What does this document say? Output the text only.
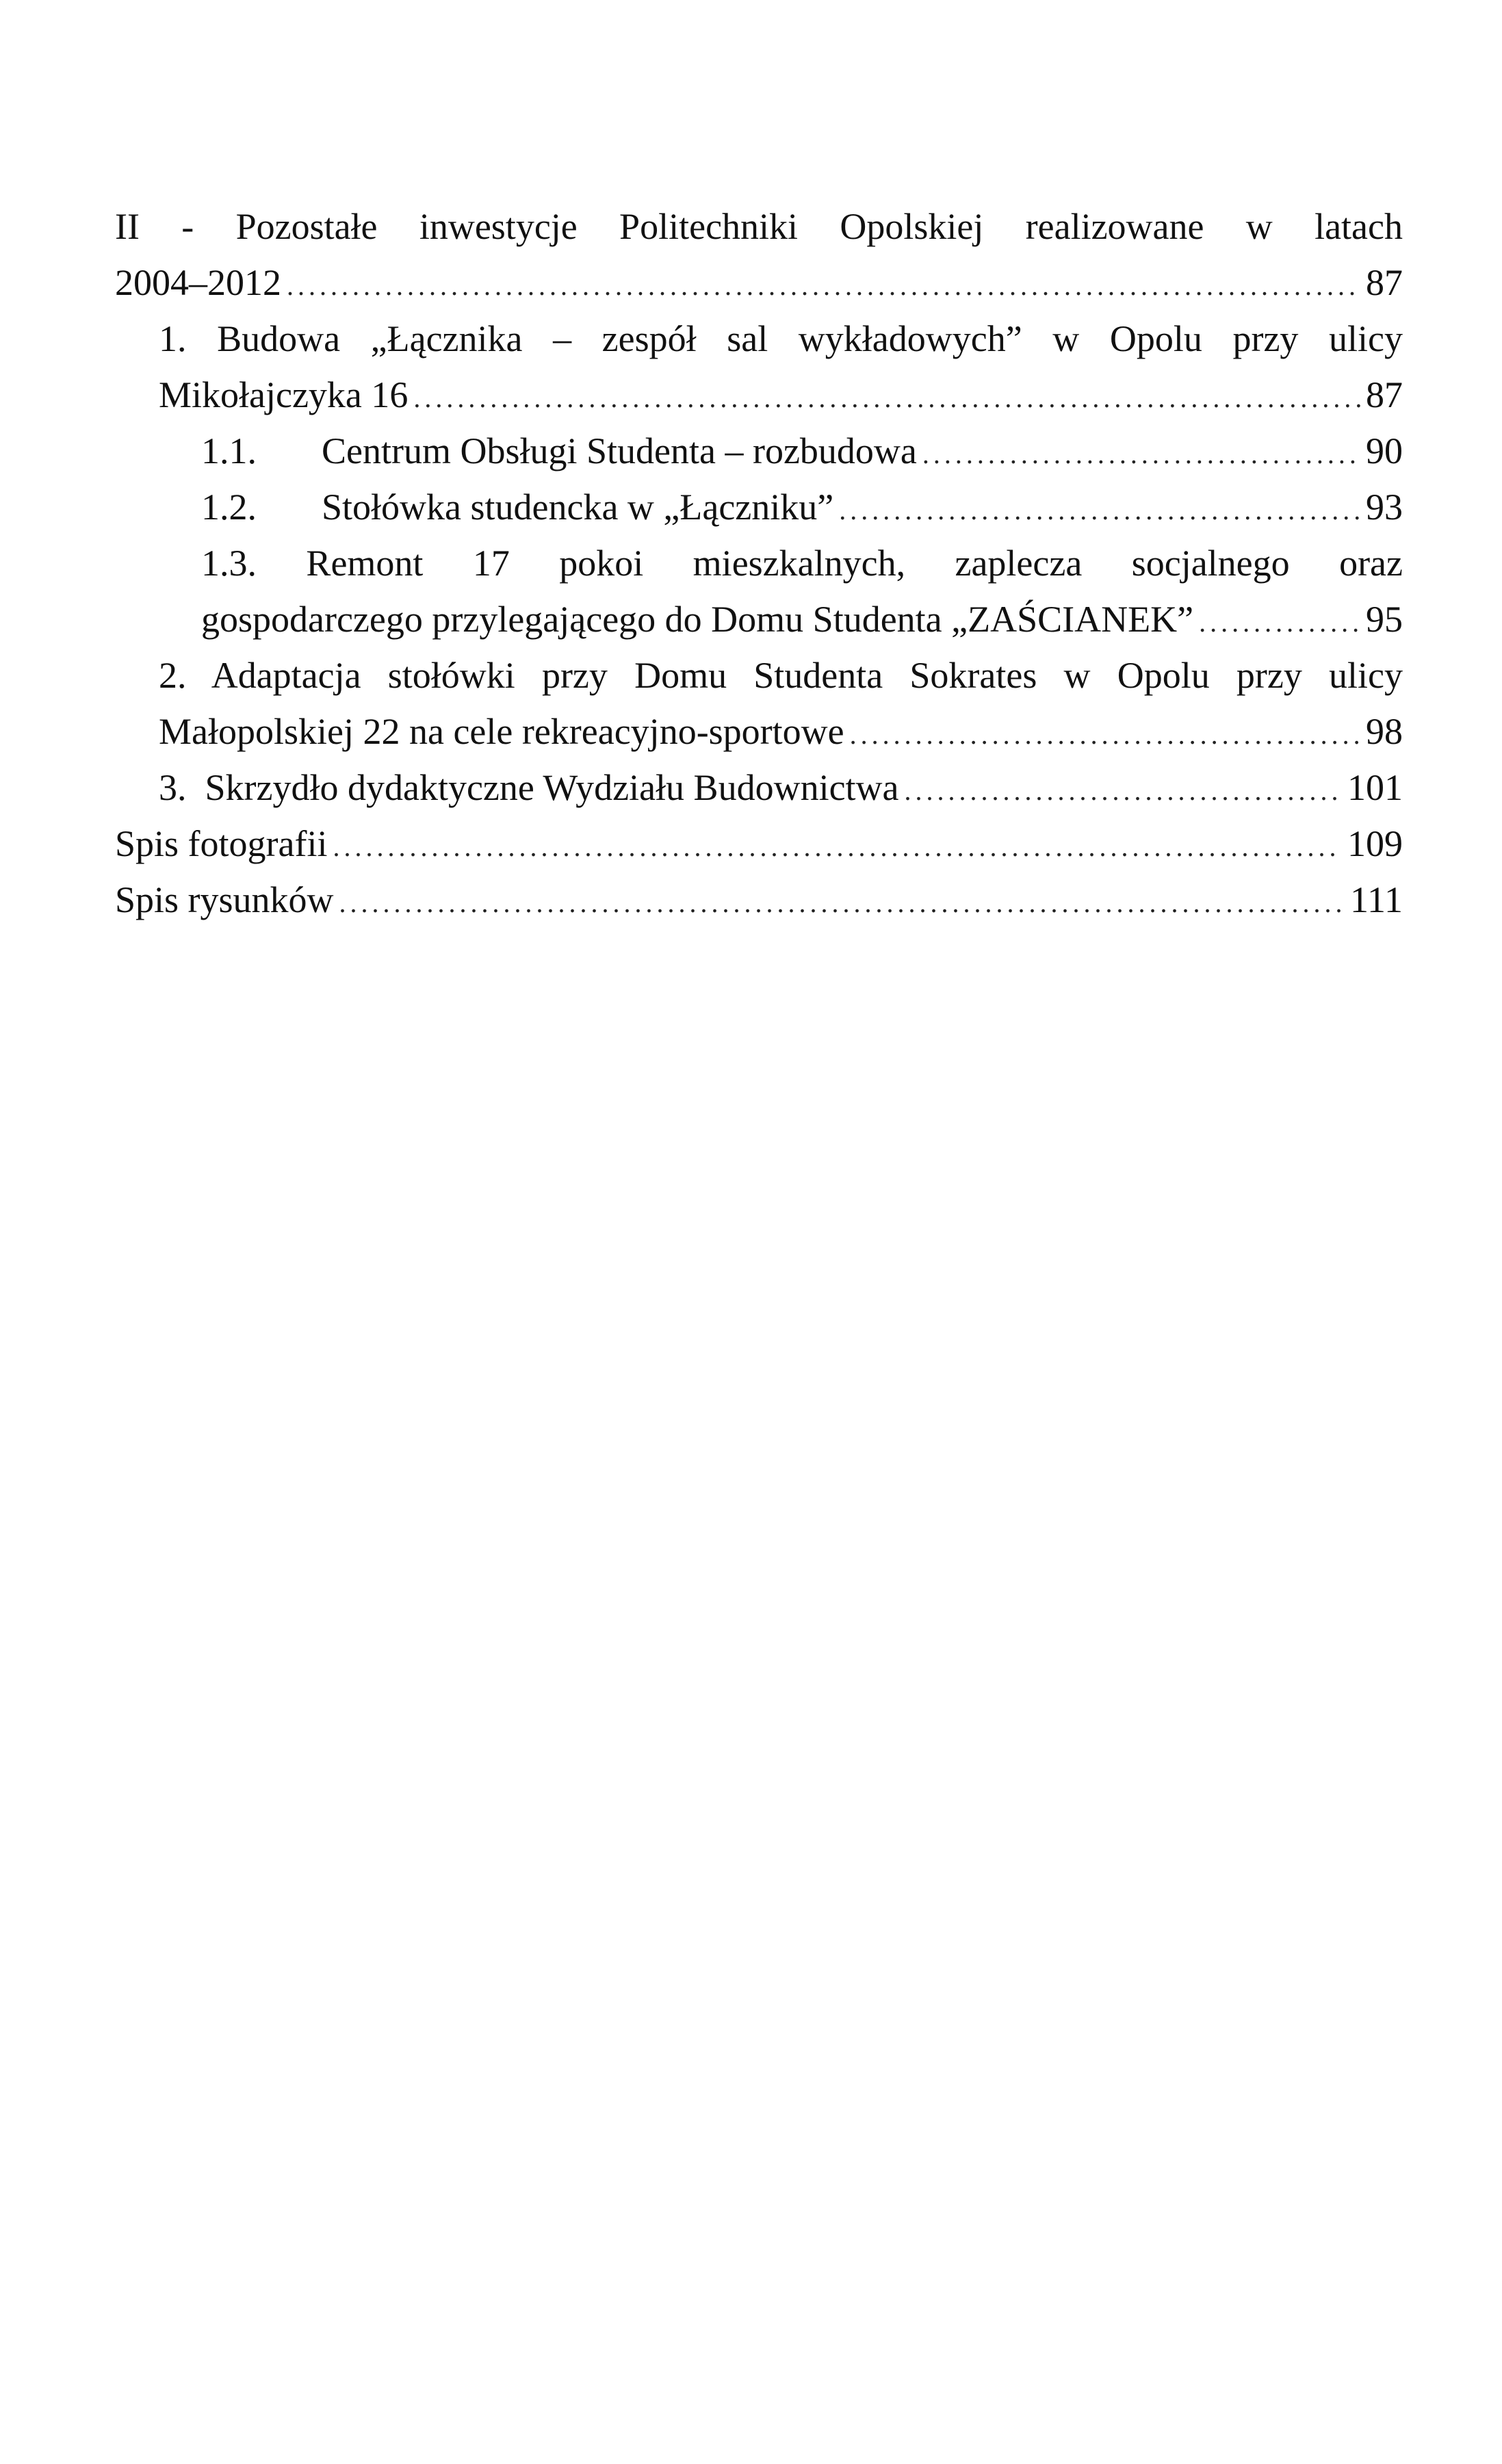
II - Pozostałe inwestycje Politechniki Opolskiej realizowane w latach
2004–2012 .....	87
1. Budowa „Łącznika – zespół sal wykładowych” w Opolu przy ulicy
Mikołajczyka 16 .....	87
1.1.	Centrum Obsługi Studenta – rozbudowa .....	90
1.2.	Stołówka studencka w „Łączniku” .....	93
1.3. Remont 17 pokoi mieszkalnych, zaplecza socjalnego oraz
gospodarczego przylegającego do Domu Studenta „ZAŚCIANEK” .....	95
2. Adaptacja stołówki przy Domu Studenta Sokrates w Opolu przy ulicy
Małopolskiej 22 na cele rekreacyjno-sportowe .....	98
3.  Skrzydło dydaktyczne Wydziału Budownictwa .....	101
Spis fotografii .....	109
Spis rysunków .....	111
